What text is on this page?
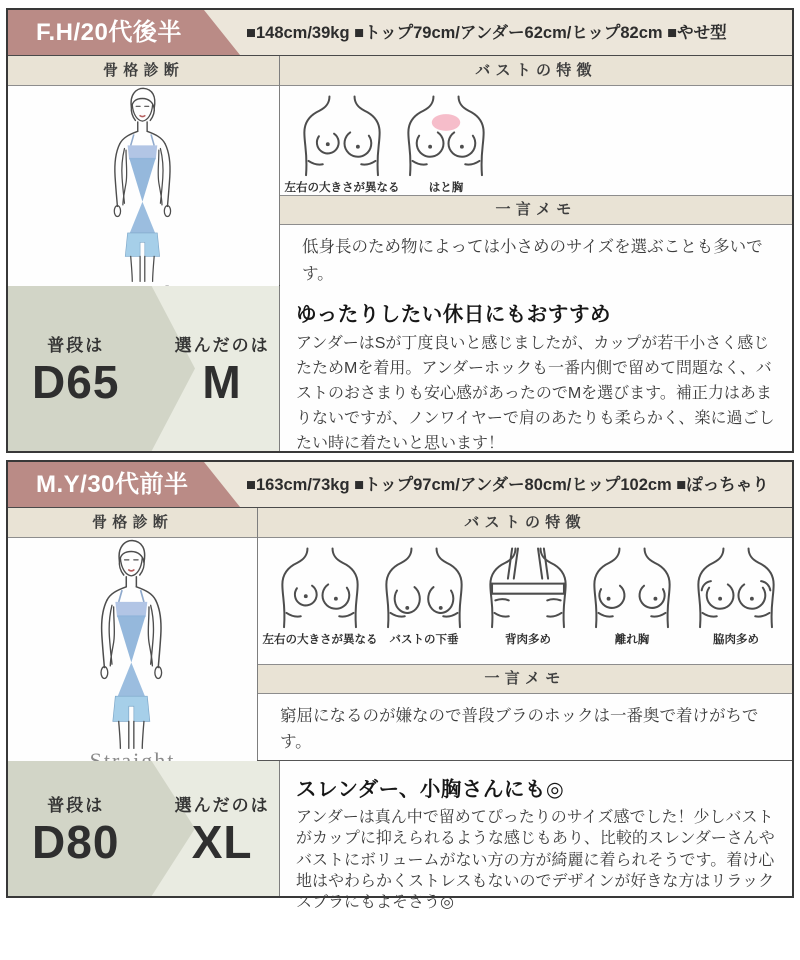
F.H/20代後半	■148cm/39kg ■トップ79cm/アンダー62cm/ヒップ82cm ■やせ型
骨格診断	バストの特徴
左右の大きさが異なる	はと胸
一言メモ
低身長のため物によっては小さめのサイズを選ぶことも多いです。
普段は
D65
選んだのは
M
ゆったりしたい休日にもおすすめ

アンダーはSが丁度良いと感じましたが、カップが若干小さく感じたためMを着用。アンダーホックも一番内側で留めて問題なく、バストのおさまりも安心感があったのでMを選びます。補正力はあまりないですが、ノンワイヤーで肩のあたりも柔らかく、楽に過ごしたい時に着たいと思います！

M.Y/30代前半	■163cm/73kg ■トップ97cm/アンダー80cm/ヒップ102cm ■ぽっちゃり
骨格診断	バストの特徴
左右の大きさが異なる バストの下垂	背肉多め	離れ胸	脇肉多め
一言メモ
窮屈になるのが嫌なので普段ブラのホックは一番奥で着けがちです。
普段は
D80
選んだのは
XL
スレンダー、小胸さんにも◎

アンダーは真ん中で留めてぴったりのサイズ感でした！少しバストがカップに抑えられるような感じもあり、比較的スレンダーさんやバストにボリュームがない方の方が綺麗に着られそうです。着け心地はやわらかくストレスもないのでデザインが好きな方はリラックスブラにもよそさう◎
